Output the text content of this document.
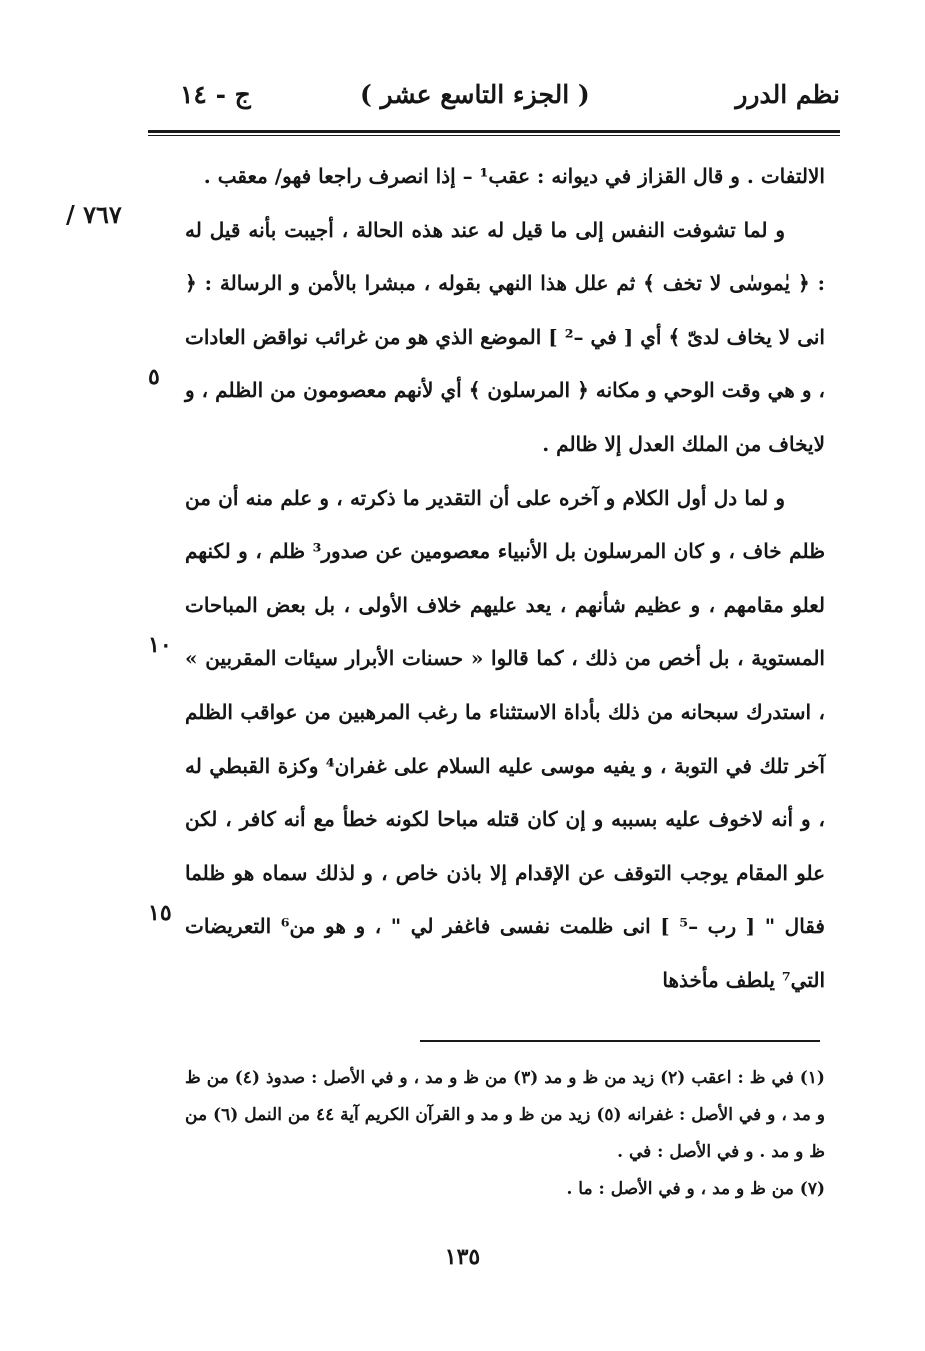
نظم الدرر
( الجزء التاسع عشر )
ج - ١٤
٧٦٧ /
٥
١٠
١٥

الالتفات . و قال القزاز في ديوانه : عقب¹ – إذا انصرف راجعا فهو/ معقب .

و لما تشوفت النفس إلى ما قيل له عند هذه الحالة ، أجيبت بأنه قيل له : ﴿ يٰموسٰى لا تخف ﴾ ثم علل هذا النهي بقوله ، مبشرا بالأمن و الرسالة : ﴿ انى لا يخاف لدىّ ﴾ أي [ في –² ] الموضع الذي هو من غرائب نواقض العادات ، و هي وقت الوحي و مكانه ﴿ المرسلون ﴾ أي لأنهم معصومون من الظلم ، و لايخاف من الملك العدل إلا ظالم .

و لما دل أول الكلام و آخره على أن التقدير ما ذكرته ، و علم منه أن من ظلم خاف ، و كان المرسلون بل الأنبياء معصومين عن صدور³ ظلم ، و لكنهم لعلو مقامهم ، و عظيم شأنهم ، يعد عليهم خلاف الأولى ، بل بعض المباحات المستوية ، بل أخص من ذلك ، كما قالوا « حسنات الأبرار سيئات المقربين » ، استدرك سبحانه من ذلك بأداة الاستثناء ما رغب المرهبين من عواقب الظلم آخر تلك في التوبة ، و يفيه موسى عليه السلام على غفران⁴ وكزة القبطي له ، و أنه لاخوف عليه بسببه و إن كان قتله مباحا لكونه خطأ مع أنه كافر ، لكن علو المقام يوجب التوقف عن الإقدام إلا باذن خاص ، و لذلك سماه هو ظلما فقال " [ رب –⁵ ] انى ظلمت نفسى فاغفر لي " ، و هو من⁶ التعريضات التي⁷ يلطف مأخذها

(١) في ظ : اعقب (٢) زيد من ظ و مد (٣) من ظ و مد ، و في الأصل : صدوذ (٤) من ظ و مد ، و في الأصل : غفرانه (٥) زيد من ظ و مد و القرآن الكريم آية ٤٤ من النمل (٦) من ظ و مد . و في الأصل : في .

(٧) من ظ و مد ، و في الأصل : ما .

١٣٥
